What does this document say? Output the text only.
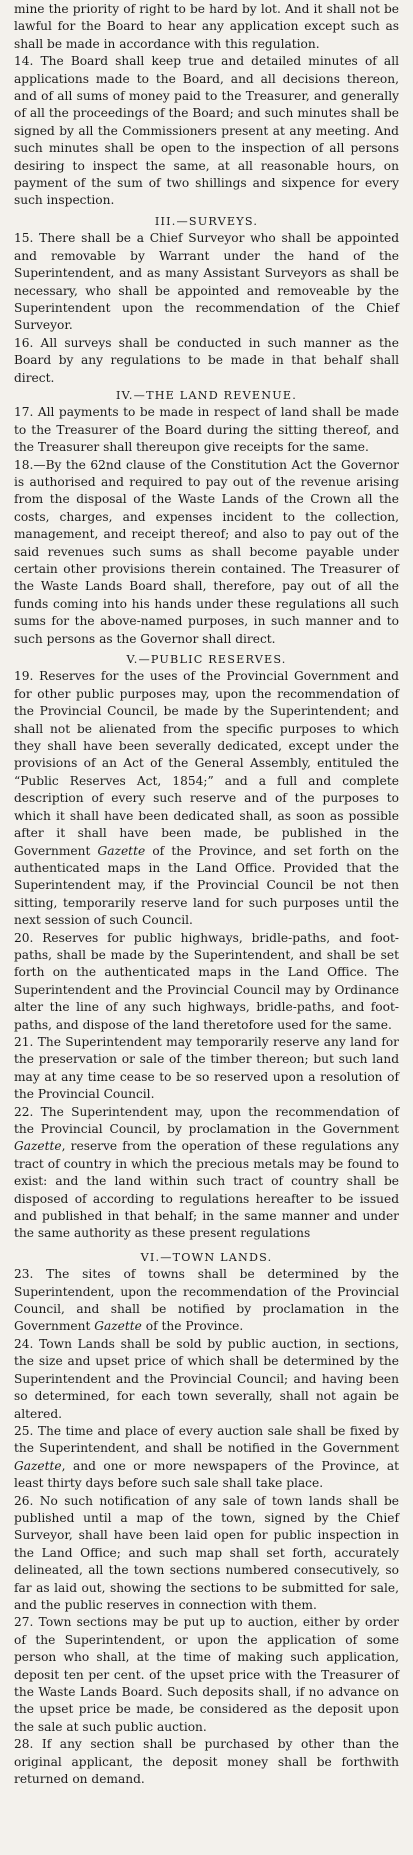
mine the priority of right to be hard by lot. And it shall not be lawful for the Board to hear any application except such as shall be made in accordance with this regulation.

14. The Board shall keep true and detailed minutes of all applications made to the Board, and all decisions thereon, and of all sums of money paid to the Treasurer, and generally of all the proceedings of the Board; and such minutes shall be signed by all the Commissioners present at any meeting. And such minutes shall be open to the inspection of all persons desiring to inspect the same, at all reasonable hours, on payment of the sum of two shillings and sixpence for every such inspection.

III.—SURVEYS.

15. There shall be a Chief Surveyor who shall be appointed and removable by Warrant under the hand of the Superintendent, and as many Assistant Surveyors as shall be necessary, who shall be appointed and removeable by the Superintendent upon the recommendation of the Chief Surveyor.

16. All surveys shall be conducted in such manner as the Board by any regulations to be made in that behalf shall direct.

IV.—THE LAND REVENUE.

17. All payments to be made in respect of land shall be made to the Treasurer of the Board during the sitting thereof, and the Treasurer shall thereupon give receipts for the same.

18.—By the 62nd clause of the Constitution Act the Governor is authorised and required to pay out of the revenue arising from the disposal of the Waste Lands of the Crown all the costs, charges, and expenses incident to the collection, management, and receipt thereof; and also to pay out of the said revenues such sums as shall become payable under certain other provisions therein contained. The Treasurer of the Waste Lands Board shall, therefore, pay out of all the funds coming into his hands under these regulations all such sums for the above-named purposes, in such manner and to such persons as the Governor shall direct.

V.—PUBLIC RESERVES.

19. Reserves for the uses of the Provincial Government and for other public purposes may, upon the recommendation of the Provincial Council, be made by the Superintendent; and shall not be alienated from the specific purposes to which they shall have been severally dedicated, except under the provisions of an Act of the General Assembly, entituled the “Public Reserves Act, 1854;” and a full and complete description of every such reserve and of the purposes to which it shall have been dedicated shall, as soon as possible after it shall have been made, be published in the Government Gazette of the Province, and set forth on the authenticated maps in the Land Office. Provided that the Superintendent may, if the Provincial Council be not then sitting, temporarily reserve land for such purposes until the next session of such Council.

20. Reserves for public highways, bridle-paths, and foot-paths, shall be made by the Superintendent, and shall be set forth on the authenticated maps in the Land Office. The Superintendent and the Provincial Council may by Ordinance alter the line of any such highways, bridle-paths, and foot-paths, and dispose of the land theretofore used for the same.

21. The Superintendent may temporarily reserve any land for the preservation or sale of the timber thereon; but such land may at any time cease to be so reserved upon a resolution of the Provincial Council.

22. The Superintendent may, upon the recommendation of the Provincial Council, by proclamation in the Government Gazette, reserve from the operation of these regulations any tract of country in which the precious metals may be found to exist: and the land within such tract of country shall be disposed of according to regulations hereafter to be issued and published in that behalf; in the same manner and under the same authority as these present regulations

VI.—TOWN LANDS.

23. The sites of towns shall be determined by the Superintendent, upon the recommendation of the Provincial Council, and shall be notified by proclamation in the Government Gazette of the Province.

24. Town Lands shall be sold by public auction, in sections, the size and upset price of which shall be determined by the Superintendent and the Provincial Council; and having been so determined, for each town severally, shall not again be altered.

25. The time and place of every auction sale shall be fixed by the Superintendent, and shall be notified in the Government Gazette, and one or more newspapers of the Province, at least thirty days before such sale shall take place.

26. No such notification of any sale of town lands shall be published until a map of the town, signed by the Chief Surveyor, shall have been laid open for public inspection in the Land Office; and such map shall set forth, accurately delineated, all the town sections numbered consecutively, so far as laid out, showing the sections to be submitted for sale, and the public reserves in connection with them.

27. Town sections may be put up to auction, either by order of the Superintendent, or upon the application of some person who shall, at the time of making such application, deposit ten per cent. of the upset price with the Treasurer of the Waste Lands Board. Such deposits shall, if no advance on the upset price be made, be considered as the deposit upon the sale at such public auction.

28. If any section shall be purchased by other than the original applicant, the deposit money shall be forthwith returned on demand.
